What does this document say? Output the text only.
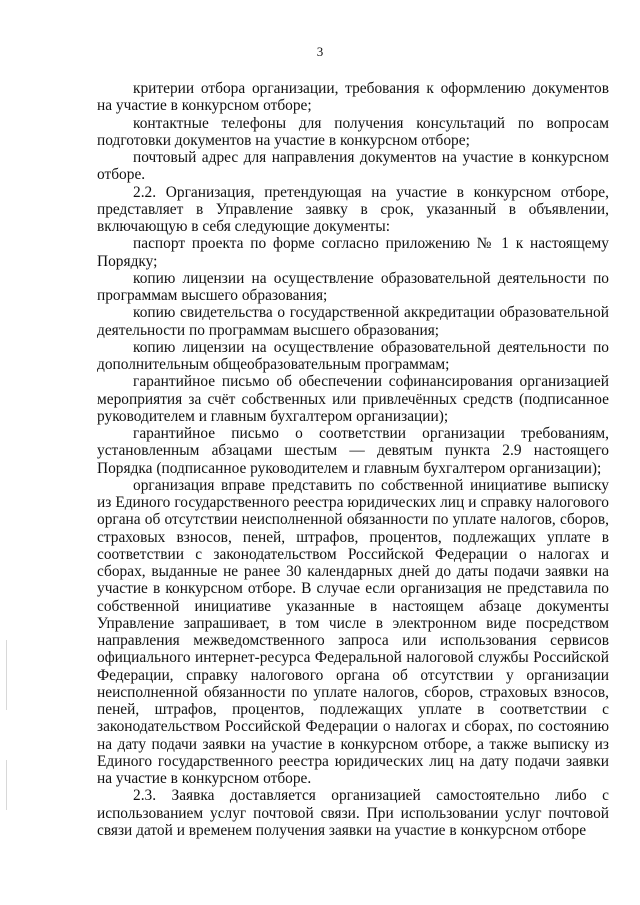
3

критерии отбора организации, требования к оформлению документов на участие в конкурсном отборе;

контактные телефоны для получения консультаций по вопросам подготовки документов на участие в конкурсном отборе;

почтовый адрес для направления документов на участие в конкурсном отборе.

2.2. Организация, претендующая на участие в конкурсном отборе, представляет в Управление заявку в срок, указанный в объявлении, включающую в себя следующие документы:

паспорт проекта по форме согласно приложению № 1 к настоящему Порядку;

копию лицензии на осуществление образовательной деятельности по программам высшего образования;

копию свидетельства о государственной аккредитации образовательной деятельности по программам высшего образования;

копию лицензии на осуществление образовательной деятельности по дополнительным общеобразовательным программам;

гарантийное письмо об обеспечении софинансирования организацией мероприятия за счёт собственных или привлечённых средств (подписанное руководителем и главным бухгалтером организации);

гарантийное письмо о соответствии организации требованиям, установленным абзацами шестым — девятым пункта 2.9 настоящего Порядка (подписанное руководителем и главным бухгалтером организации);

организация вправе представить по собственной инициативе выписку из Единого государственного реестра юридических лиц и справку налогового органа об отсутствии неисполненной обязанности по уплате налогов, сборов, страховых взносов, пеней, штрафов, процентов, подлежащих уплате в соответствии с законодательством Российской Федерации о налогах и сборах, выданные не ранее 30 календарных дней до даты подачи заявки на участие в конкурсном отборе. В случае если организация не представила по собственной инициативе указанные в настоящем абзаце документы Управление запрашивает, в том числе в электронном виде посредством направления межведомственного запроса или использования сервисов официального интернет-ресурса Федеральной налоговой службы Российской Федерации, справку налогового органа об отсутствии у организации неисполненной обязанности по уплате налогов, сборов, страховых взносов, пеней, штрафов, процентов, подлежащих уплате в соответствии с законодательством Российской Федерации о налогах и сборах, по состоянию на дату подачи заявки на участие в конкурсном отборе, а также выписку из Единого государственного реестра юридических лиц на дату подачи заявки на участие в конкурсном отборе.

2.3. Заявка доставляется организацией самостоятельно либо с использованием услуг почтовой связи. При использовании услуг почтовой связи датой и временем получения заявки на участие в конкурсном отборе
